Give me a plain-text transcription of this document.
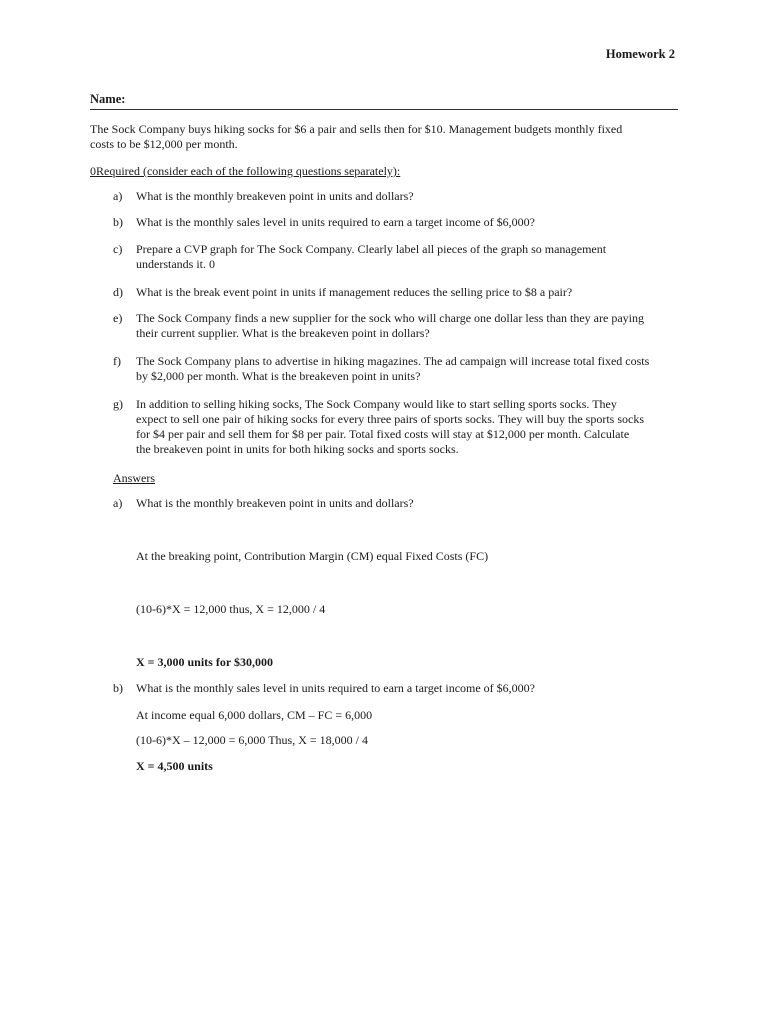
Homework 2
Name:
The Sock Company buys hiking socks for $6 a pair and sells then for $10. Management budgets monthly fixed
costs to be $12,000 per month.
0Required (consider each of the following questions separately):
a)	What is the monthly breakeven point in units and dollars?
b)	What is the monthly sales level in units required to earn a target income of $6,000?
c)	Prepare a CVP graph for The Sock Company. Clearly label all pieces of the graph so management
understands it. 0
d)	What is the break event point in units if management reduces the selling price to $8 a pair?
e)	The Sock Company finds a new supplier for the sock who will charge one dollar less than they are paying
their current supplier. What is the breakeven point in dollars?
f)	The Sock Company plans to advertise in hiking magazines. The ad campaign will increase total fixed costs
by $2,000 per month. What is the breakeven point in units?
g)	In addition to selling hiking socks, The Sock Company would like to start selling sports socks. They
expect to sell one pair of hiking socks for every three pairs of sports socks. They will buy the sports socks
for $4 per pair and sell them for $8 per pair. Total fixed costs will stay at $12,000 per month. Calculate
the breakeven point in units for both hiking socks and sports socks.
Answers
a)	What is the monthly breakeven point in units and dollars?
At the breaking point, Contribution Margin (CM) equal Fixed Costs (FC)
(10-6)*X = 12,000 thus, X = 12,000 / 4
X = 3,000 units for $30,000
b)	What is the monthly sales level in units required to earn a target income of $6,000?
At income equal 6,000 dollars, CM – FC = 6,000
(10-6)*X – 12,000 = 6,000 Thus, X = 18,000 / 4
X = 4,500 units
